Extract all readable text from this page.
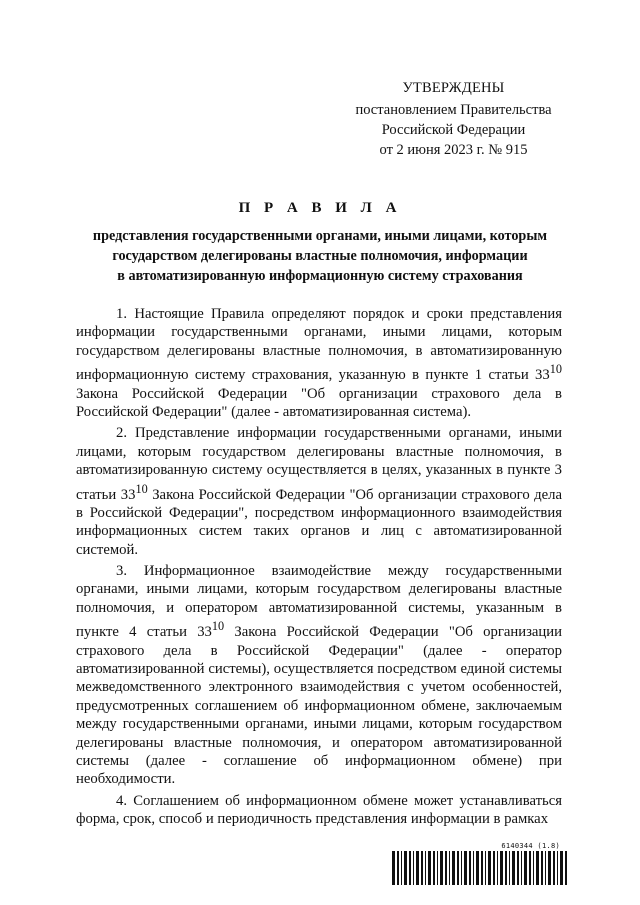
УТВЕРЖДЕНЫ
постановлением Правительства
Российской Федерации
от 2 июня 2023 г. № 915
П Р А В И Л А
представления государственными органами, иными лицами, которым
государством делегированы властные полномочия, информации
в автоматизированную информационную систему страхования

1. Настоящие Правила определяют порядок и сроки представления информации государственными органами, иными лицами, которым государством делегированы властные полномочия, в автоматизированную информационную систему страхования, указанную в пункте 1 статьи $33^{10}$ Закона Российской Федерации "Об организации страхового дела в Российской Федерации" (далее - автоматизированная система).

2. Представление информации государственными органами, иными лицами, которым государством делегированы властные полномочия, в автоматизированную систему осуществляется в целях, указанных в пункте 3 статьи $33^{10}$ Закона Российской Федерации "Об организации страхового дела в Российской Федерации", посредством информационного взаимодействия информационных систем таких органов и лиц с автоматизированной системой.

3. Информационное взаимодействие между государственными органами, иными лицами, которым государством делегированы властные полномочия, и оператором автоматизированной системы, указанным в пункте 4 статьи $33^{10}$ Закона Российской Федерации "Об организации страхового дела в Российской Федерации" (далее - оператор автоматизированной системы), осуществляется посредством единой системы межведомственного электронного взаимодействия с учетом особенностей, предусмотренных соглашением об информационном обмене, заключаемым между государственными органами, иными лицами, которым государством делегированы властные полномочия, и оператором автоматизированной системы (далее - соглашение об информационном обмене) при необходимости.

4. Соглашением об информационном обмене может устанавливаться форма, срок, способ и периодичность представления информации в рамках

6140344 (1.8)
